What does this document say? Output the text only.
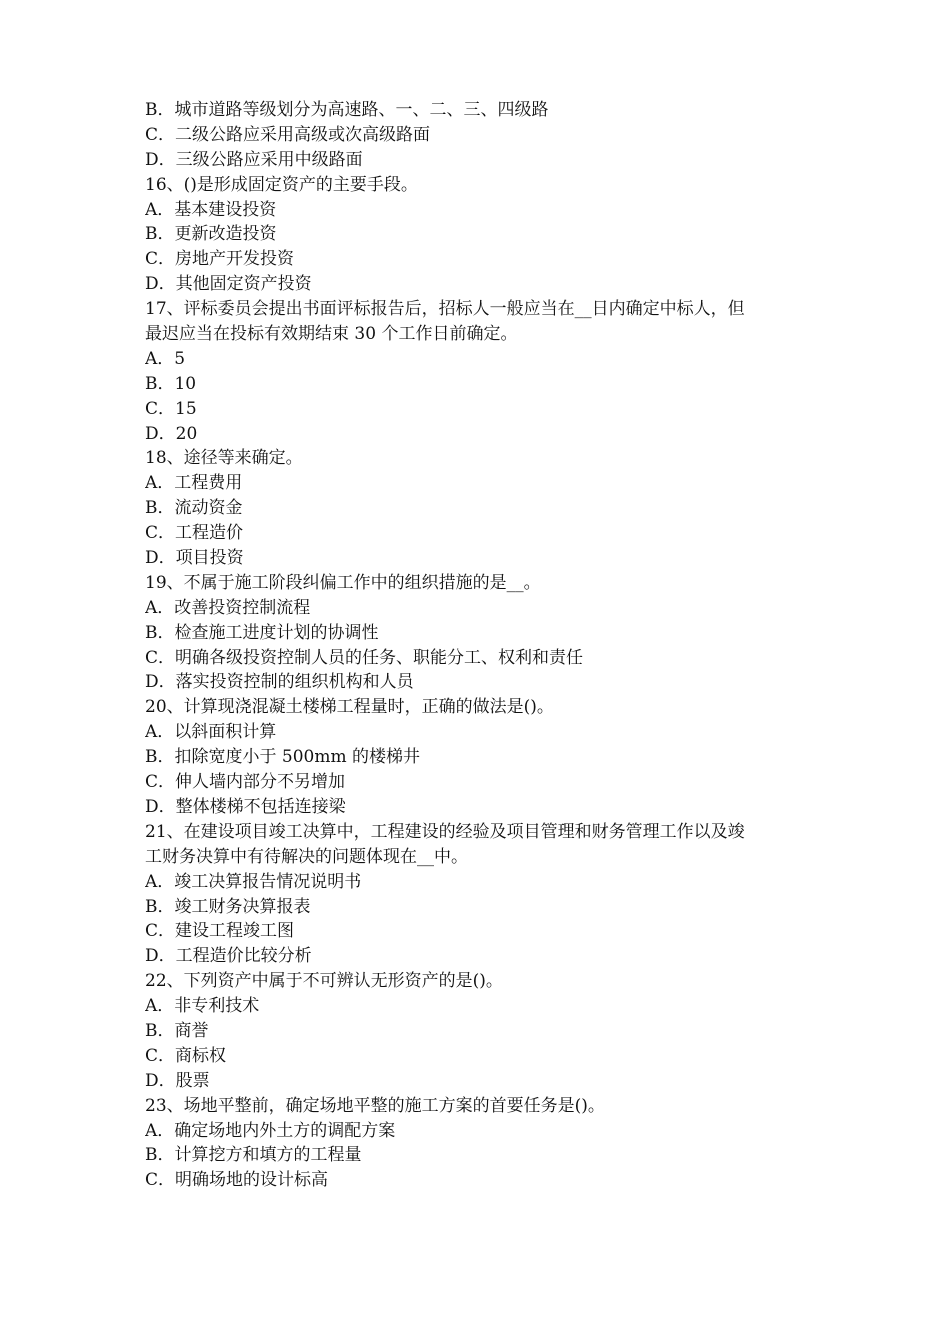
B．城市道路等级划分为高速路、一、二、三、四级路
C．二级公路应采用高级或次高级路面
D．三级公路应采用中级路面
16、()是形成固定资产的主要手段。
A．基本建设投资
B．更新改造投资
C．房地产开发投资
D．其他固定资产投资
17、评标委员会提出书面评标报告后，招标人一般应当在__日内确定中标人，但
最迟应当在投标有效期结束 30 个工作日前确定。
A．5
B．10
C．15
D．20
18、途径等来确定。
A．工程费用
B．流动资金
C．工程造价
D．项目投资
19、不属于施工阶段纠偏工作中的组织措施的是__。
A．改善投资控制流程
B．检查施工进度计划的协调性
C．明确各级投资控制人员的任务、职能分工、权利和责任
D．落实投资控制的组织机构和人员
20、计算现浇混凝土楼梯工程量时，正确的做法是()。
A．以斜面积计算
B．扣除宽度小于 500mm 的楼梯井
C．伸人墙内部分不另增加
D．整体楼梯不包括连接梁
21、在建设项目竣工决算中，工程建设的经验及项目管理和财务管理工作以及竣
工财务决算中有待解决的问题体现在__中。
A．竣工决算报告情况说明书
B．竣工财务决算报表
C．建设工程竣工图
D．工程造价比较分析
22、下列资产中属于不可辨认无形资产的是()。
A．非专利技术
B．商誉
C．商标权
D．股票
23、场地平整前，确定场地平整的施工方案的首要任务是()。
A．确定场地内外土方的调配方案
B．计算挖方和填方的工程量
C．明确场地的设计标高
